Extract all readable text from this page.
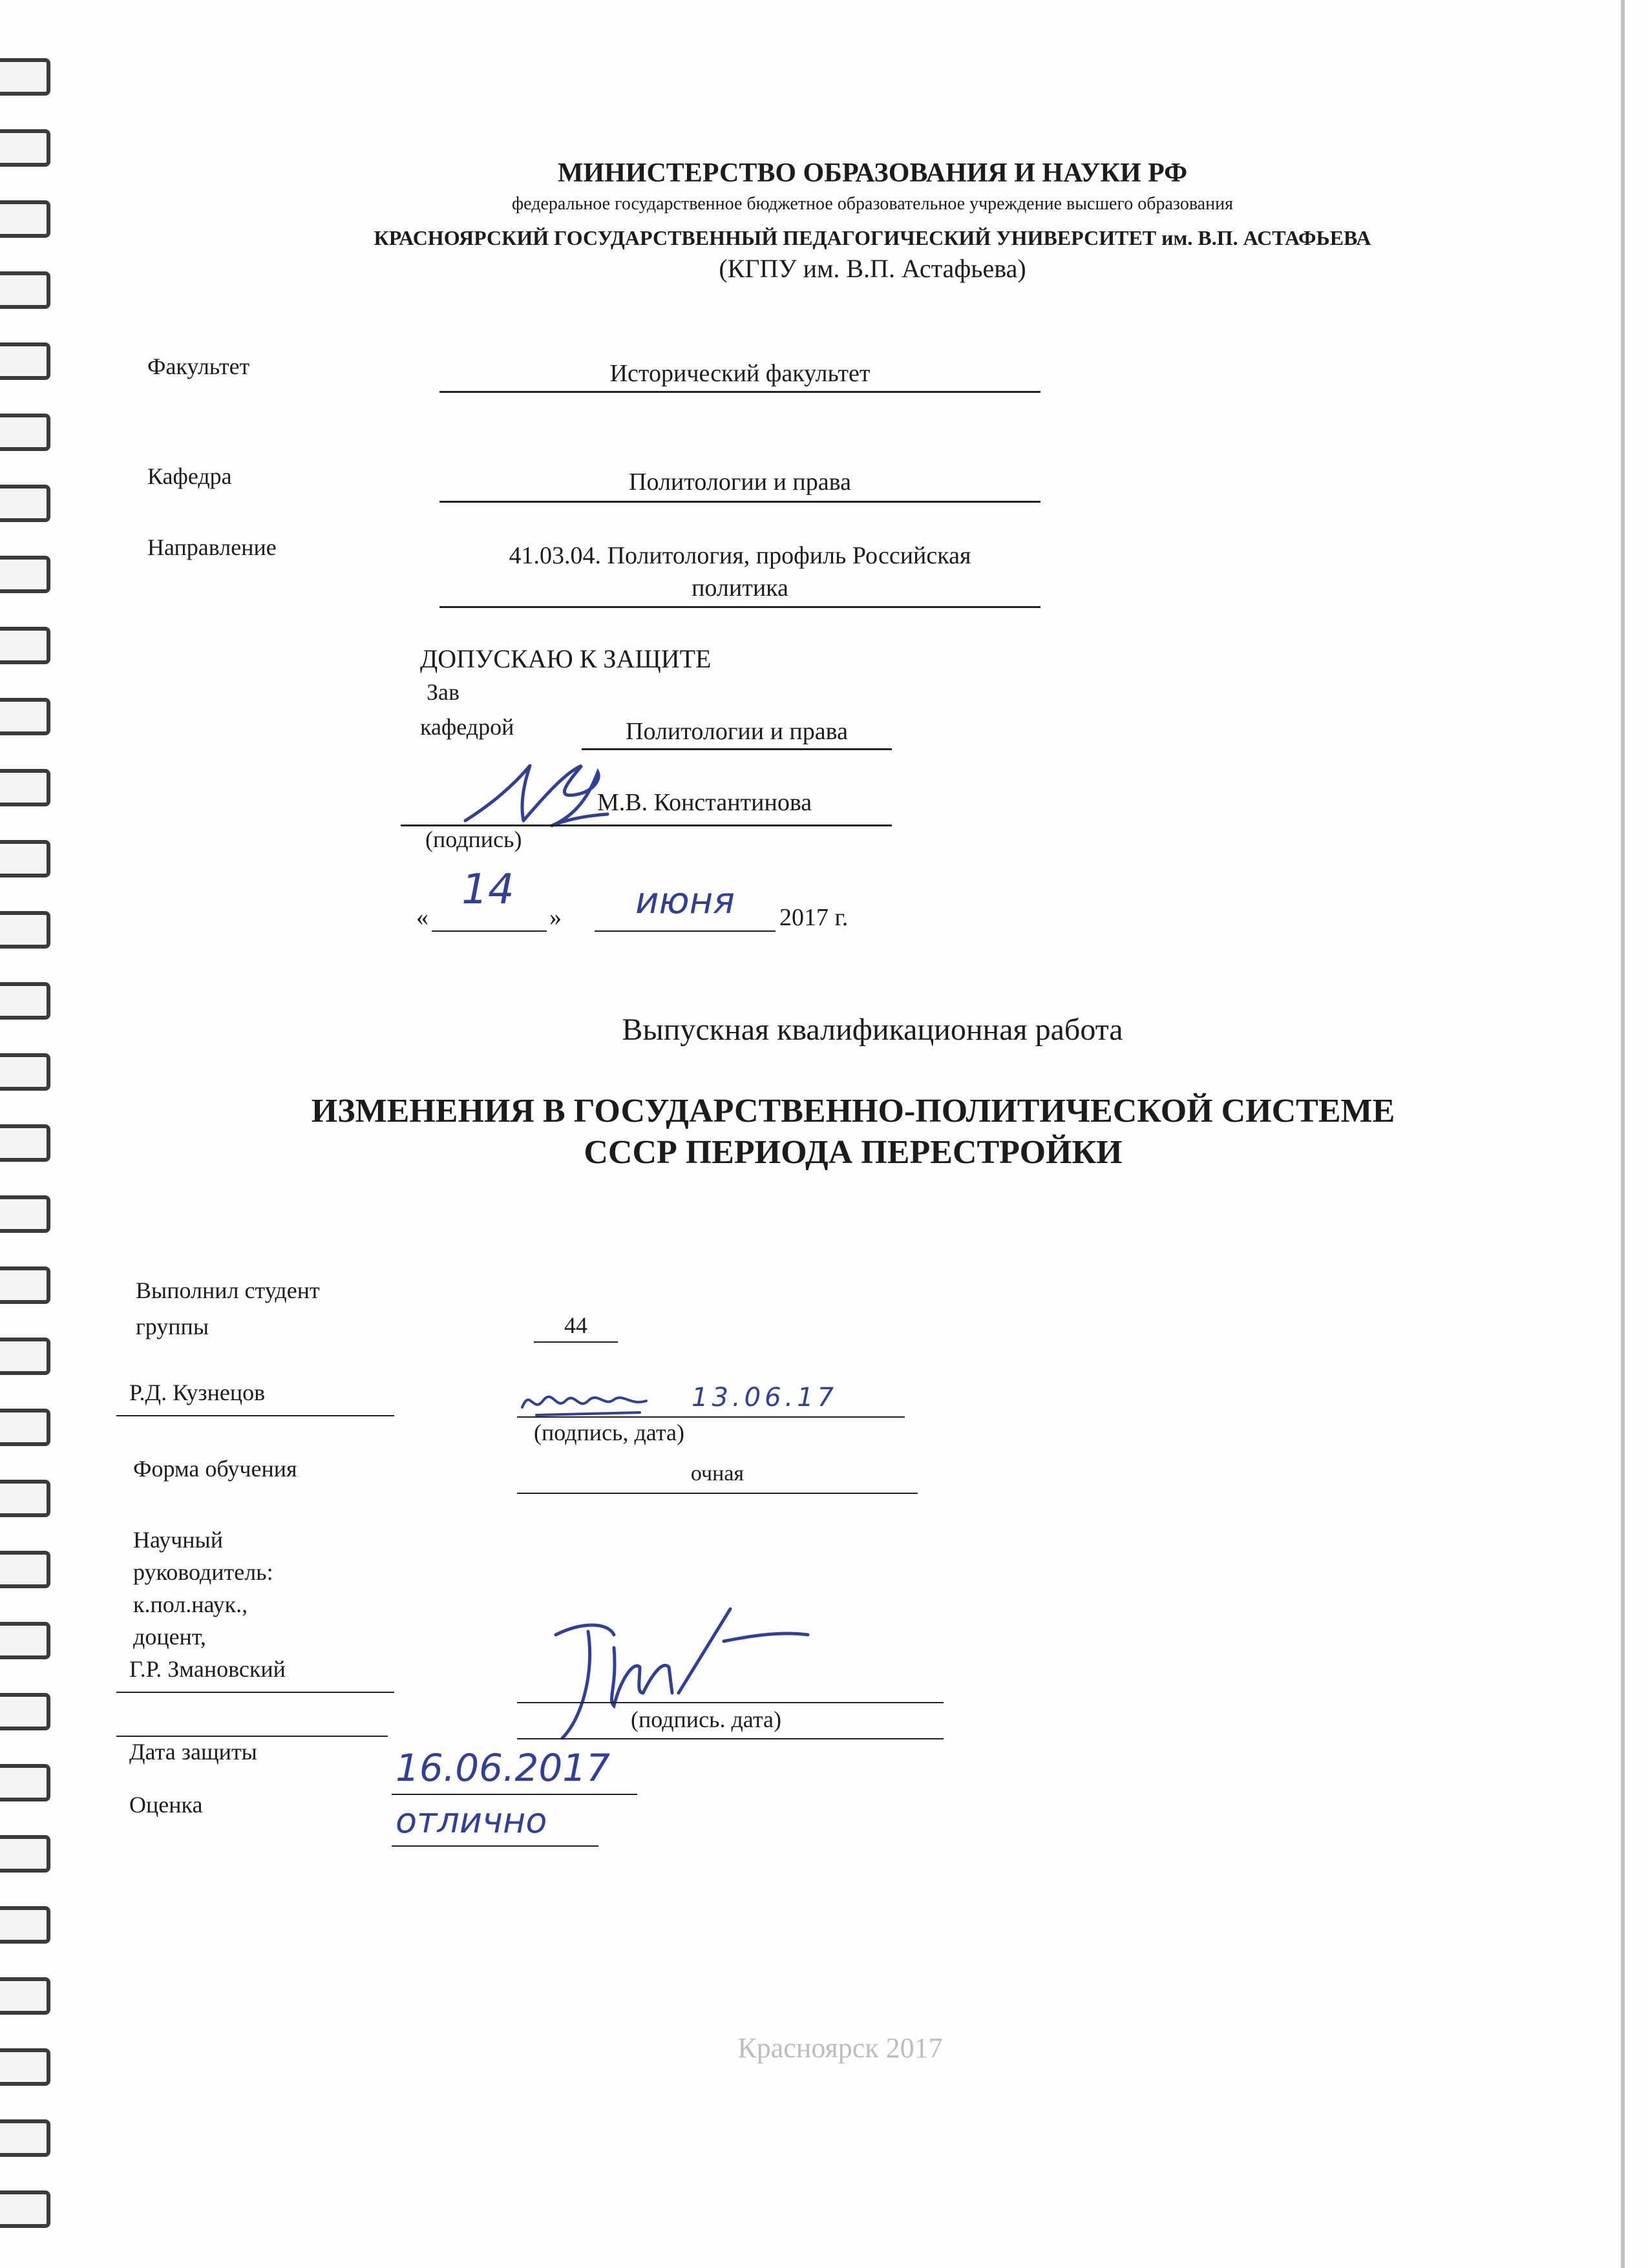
МИНИСТЕРСТВО ОБРАЗОВАНИЯ И НАУКИ РФ
федеральное государственное бюджетное образовательное учреждение высшего образования
КРАСНОЯРСКИЙ ГОСУДАРСТВЕННЫЙ ПЕДАГОГИЧЕСКИЙ УНИВЕРСИТЕТ им. В.П. АСТАФЬЕВА
(КГПУ им. В.П. Астафьева)
Факультет	Исторический факультет
Кафедра	Политологии и права
Направление	41.03.04. Политология, профиль Российская
политика
ДОПУСКАЮ К ЗАЩИТЕ
Зав
кафедрой	Политологии и права
М.В. Константинова
(подпись)
«
14
»	июня	2017 г.
Выпускная квалификационная работа
ИЗМЕНЕНИЯ В ГОСУДАРСТВЕННО-ПОЛИТИЧЕСКОЙ СИСТЕМЕ
СССР ПЕРИОДА ПЕРЕСТРОЙКИ
Выполнил студент
группы	44
Р.Д. Кузнецов	13.06.17
(подпись, дата)
Форма обучения	очная
Научный
руководитель:
к.пол.наук.,
доцент,
Г.Р. Змановский
(подпись. дата)
Дата защиты	16.06.2017
Оценка	отлично
Красноярск 2017
